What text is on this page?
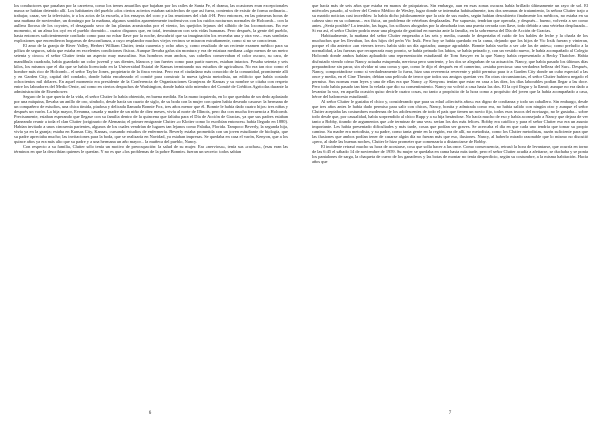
los conductores que pasaban por la carretera, como los trenes amarillos que bajaban por los raíles de Santa Fe, el drama, las ocasiones eran excepcionales nunca se habían detenido allí. Los habitantes del pueblo «dos ciertos aciertos estaban satisfechos de que así fuera, contentos de existir de forma ordinaria... trabajar, cazar, ver la televisión, ir a los actos de la escuela, a los ensayos del coro y a las reuniones del club 4-H. Pero entonces, en las primeras horas de una mañana de noviembre, un domingo por la mañana, algunos sonidos aparentemente inofensivos con los ruidos nocturnos normales de Holcomb... con la aullera llorosa de los coyotes, el desaguado seco de las plantas arrastradas por el viento, los quejidos lejanos del silbido de las locomotoras. En ese momento, ni un alma los oyó en el pueblo dormido... cuatro disparos que, en total, terminaron con seis vidas humanas. Pero después, la gente del pueblo, hasta entonces suficientemente confiado como para no echar llave por la noche, descubrió que su imaginación los recreaba una y otra vez... esas sombrías explosiones que encendieron hogueras de desconfianza, a cuyo resplandor muchos viejos vecinos se miraron extrañamente, como si no se conocieran.

El amo de la granja de River Valley, Herbert William Clutter, tenía cuarenta y ocho años y, como resultado de un reciente examen médico para su póliza de seguros, sabía que estaba en excelentes condiciones físicas. Aunque llevaba gafas sin montura y era de estatura mediana «algo menos de un metro setenta y cinco» el señor Clutter tenía un aspecto muy masculino. Sus hombros eran anchos, sus cabellos conservaban el color oscuro, su cara, de mandíbula cuadrada, había guardado un color juvenil y sus dientes, blancos y tan fuertes como para partir nueces, estaban intactos. Pesaba setenta y seis kilos, los mismos que el día que se había licenciado en la Universidad Estatal de Kansas terminando sus estudios de agricultura. No era tan rico como el hombre más rico de Holcomb... el señor Taylor Jones, propietario de la finca vecina. Pero era el ciudadano más conocido de la comunidad, prominente allí y en Garden City, capital del condado, donde había encabezado el comité para construir la nueva iglesia metodista, un edificio que había costado ochocientos mil dólares. En aquel momento era presidente de la Conferencia de Organizaciones Granjeras de Kansas y su nombre se citaba con respeto entre los labradores del Medio Oeste, así como en ciertos despachos de Washington, donde había sido miembro del Comité de Créditos Agrícolas durante la administración de Eisenhower.

Seguro de lo que quería de la vida, el señor Clutter lo había obtenido, en buena medida. En la mano izquierda, en lo que quedaba de un dedo aplastado por una máquina, llevaba un anillo de oro, símbolo, desde hacía un cuarto de siglo, de su boda con la mujer con quien había deseado casarse: la hermana de un compañero de estudios, una chica tímida, piadosa y delicada llamada Bonnie Fox, tres años menor que él. Bonnie le había dado cuatro hijos: tres niñas y después un varón. La hija mayor, Eveanna, casada y madre de un niño de diez meses, vivía al norte de Illinois, pero iba con mucha frecuencia a Holcomb. Precisamente, estaban esperando que llegase con su familia dentro de la quincena que faltaba para el Día de Acción de Gracias, ya que sus padres estaban planeando reunir a toda el clan Clutter (originario de Alemania; el primer emigrante Clutter «o Klotter como lo escribían entonces» había llegado en 1880). Habían invitado a unos cincuenta parientes, algunos de los cuales vendrían de lugares tan lejanos como Palatka, Florida. Tampoco Beverly, la segunda hija, vivía ya en la granja; estaba en Kansas City, Kansas, cursando estudios de enfermería. Beverly estaba prometida con un joven estudiante de biología, que su padre apreciaba mucho; las invitaciones para la boda, que se realizaría en Navidad, ya estaban impresas. Se quedaba en casa el varón, Kenyon, que a los quince años ya era más alto que su padre y a una hermana un año mayor... la muñeca del pueblo, Nancy.

Con respecto a su familia, Clutter sólo tenía un motivo de preocupación: la salud de su mujer. Era «nerviosa», tenía sus «rachas», (esas eran las términos en que la describían quienes le querían. Y no es que «los problemas de la pobre Bonnie» fueran un secreto: todos sabían

6

que hacía más de seis años que estaba en manos de psiquiatras. Sin embargo, aun en esas zonas oscuras había brillado últimamente un rayo de sol. El miércoles pasado, al volver del Centro Médico de Wesley, lugar donde se internaba habitualmente, tras dos semanas de tratamiento, la señora Clutter trajo a su marido noticias casi increíbles: la había dicho jubilosamente que la raíz de sus males, según habían descubierto finalmente los médicos, no estaba en su cabeza sino en su columna... era física, un problema de vértebras desplazadas. Por supuesto, tendrían que operarla, y después... bueno, volvería a ser como antes. ¿Sería posible? La tensión, las fugas, los sollozos ahogados por la almohada tras una puerta cerrada con llave, todo debido a una vértebra desplazada... Si era así, el señor Clutter podría rezar una plegaria de gratitud en nuestra ante la familia, en la sobremesa del Día de Acción de Gracias.

Habitualmente, la mañana del señor Clutter empezaba a las seis y media, cuando le despertaba el ruido de los baldes de leche y la charla de los muchachos que les llevaban, los dos hijos del peón Vic Irsik. Pero hoy se había quedado en la cama, dejando que los hijos de Vic Irsik fueran y vinieran, porque el día anterior «un viernes trece» había sido un día agotador, aunque agradable. Bonnie había vuelto a ser «de las de antes»; como preludio a la normalidad, a las fuerzas que recuperaría muy pronto, se había peinado los labios, se había peinado y, con un vestido nuevo, le había acompañado al Colegio Holcomb donde ambos habían aplaudido una representación estudiantil de Tom Sawyer en la que Nancy había representado a Becky Thatcher. Había disfrutado viendo cómo Nancy actuaba estupenda, nerviosa pero sonriente, y los dos se alegraban de su actuación. Nancy, que había pasado los últimos días preparándose sin parar, sin olvidar ni una coma y que, como le dijo el después en el camerino, «estaba preciosa: una verdadera belleza del Sur». Después, Nancy, comportándose como si verdaderamente lo fuera, hizo una reverencia reverente y pidió permiso para ir a Garden City donde un cubo especial a las once y media, en el Cine Theater, debían una película de terror que todos sus amigos querían ver. En otras circunstancias, el señor Clutter hubiera negado el permiso. Sus normas eran leyes y una de ellas era que Nancy «y Kenyon» tenían que estar en casa a las diez, los días laborables podían llegar a las doce. Pero todo había pasado tan bien la velada que dio su consentimiento. Nancy no volvió a casa hasta las dos. El la oyó llegar y la llamó; aunque no era dado a levantar la voz, en aquella ocasión quiso decirle cuatro cosas, no tanto a propósito de la hora como a propósito del joven que la había acompañado a casa, héroe del baloncesto estudiantil.

Al señor Clutter le gustaba el chico y, considerando que para su edad «dieciséis años» era digno de confianza y todo un caballero. Sin embargo, desde que tres años antes le había dado permiso para salir con chicos, Nancy, bonita y admirada como era, no había salido con ningún otro y aunque el señor Clutter aceptaba las costumbres modernas de los adolescentes de todo el país que tienen un novio fijo, todos esos trucos del noviazgo, no le gustaba... sobre todo desde que, por casualidad, había sorprendido al chico Rupp y a su hija besándose. No hacía mucho de eso y había aconsejado a Nancy que dejara de ver tanto a Bobby, tirando de argumentos que «de terminar de una vez» serían los dos más felices. Bobby era católico y para el señor Clutter eso era un asunto importante. Les había presentado dificultades y más tarde, cosas que podían ser graves. Se acercaba el día en que cada uno tendría que tomar su propio camino. Su madre era metodista, y su padre, como tanta gente en la región, era de allí, no metodista, como los Clutter metodistas, razón suficiente para que las ilusiones que ambos podían tener de casarse algún día no fueran más que eso, ilusiones. Nancy, al haberlo mirado razonable que lo mismo no discutió «pero, al darle las buenas noches, Clutter le hizo prometer que comenzaría a distanciarse de Bobby.

El incidente retrasó mucho su hora de acostarse, cosa que solía hacer a las once. Como consecuencia, retrasó la hora de levantarse, que ocurría en torno de las 6:45 el sábado 14 de noviembre de 1959. Su mujer se quedaba en cama hasta más tarde, pero el señor Clutter acudía a afeitarse, se duchaba y se ponía los pantalones de sarga, la chaqueta de cuero de los ganaderos y las botas de montar no tenía desperdicio, según su costumbre, a la misma habitación. Hacía años que

7
